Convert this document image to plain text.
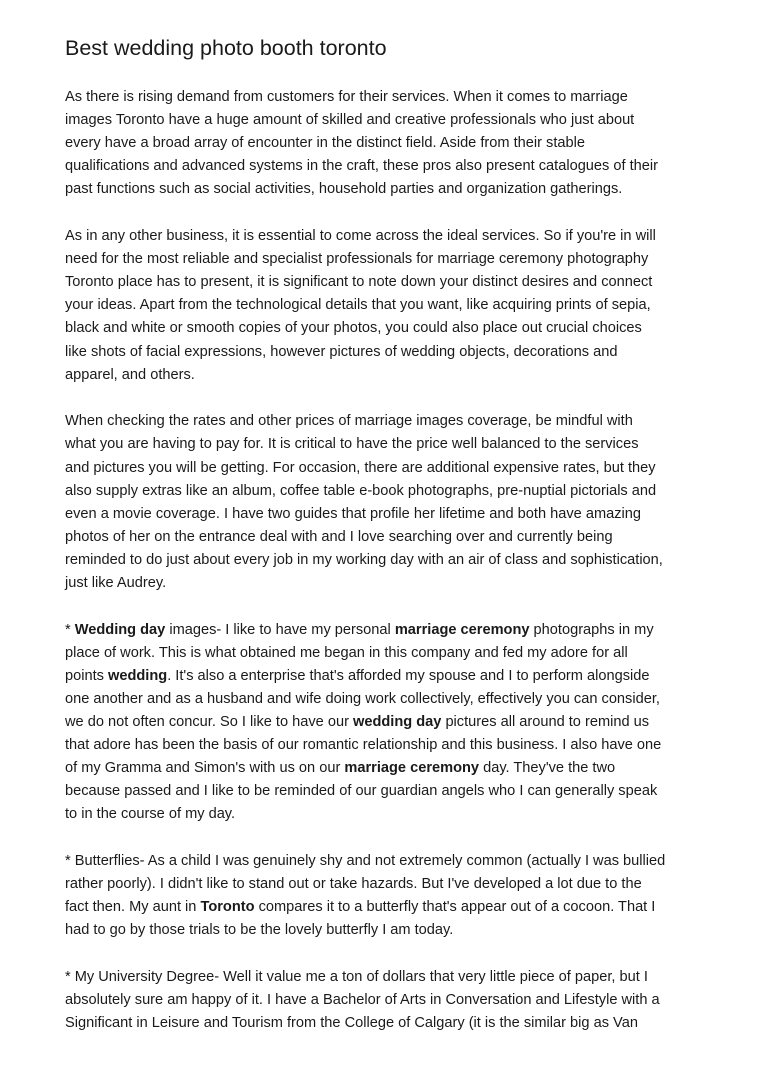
Best wedding photo booth toronto

As there is rising demand from customers for their services. When it comes to marriage
images Toronto have a huge amount of skilled and creative professionals who just about
every have a broad array of encounter in the distinct field. Aside from their stable
qualifications and advanced systems in the craft, these pros also present catalogues of their
past functions such as social activities, household parties and organization gatherings.

As in any other business, it is essential to come across the ideal services. So if you're in will
need for the most reliable and specialist professionals for marriage ceremony photography
Toronto place has to present, it is significant to note down your distinct desires and connect
your ideas. Apart from the technological details that you want, like acquiring prints of sepia,
black and white or smooth copies of your photos, you could also place out crucial choices
like shots of facial expressions, however pictures of wedding objects, decorations and
apparel, and others.

When checking the rates and other prices of marriage images coverage, be mindful with
what you are having to pay for. It is critical to have the price well balanced to the services
and pictures you will be getting. For occasion, there are additional expensive rates, but they
also supply extras like an album, coffee table e-book photographs, pre-nuptial pictorials and
even a movie coverage. I have two guides that profile her lifetime and both have amazing
photos of her on the entrance deal with and I love searching over and currently being
reminded to do just about every job in my working day with an air of class and sophistication,
just like Audrey.

* Wedding day images- I like to have my personal marriage ceremony photographs in my
place of work. This is what obtained me began in this company and fed my adore for all
points wedding. It's also a enterprise that's afforded my spouse and I to perform alongside
one another and as a husband and wife doing work collectively, effectively you can consider,
we do not often concur. So I like to have our wedding day pictures all around to remind us
that adore has been the basis of our romantic relationship and this business. I also have one
of my Gramma and Simon's with us on our marriage ceremony day. They've the two
because passed and I like to be reminded of our guardian angels who I can generally speak
to in the course of my day.

* Butterflies- As a child I was genuinely shy and not extremely common (actually I was bullied
rather poorly). I didn't like to stand out or take hazards. But I've developed a lot due to the
fact then. My aunt in Toronto compares it to a butterfly that's appear out of a cocoon. That I
had to go by those trials to be the lovely butterfly I am today.

* My University Degree- Well it value me a ton of dollars that very little piece of paper, but I
absolutely sure am happy of it. I have a Bachelor of Arts in Conversation and Lifestyle with a
Significant in Leisure and Tourism from the College of Calgary (it is the similar big as Van
